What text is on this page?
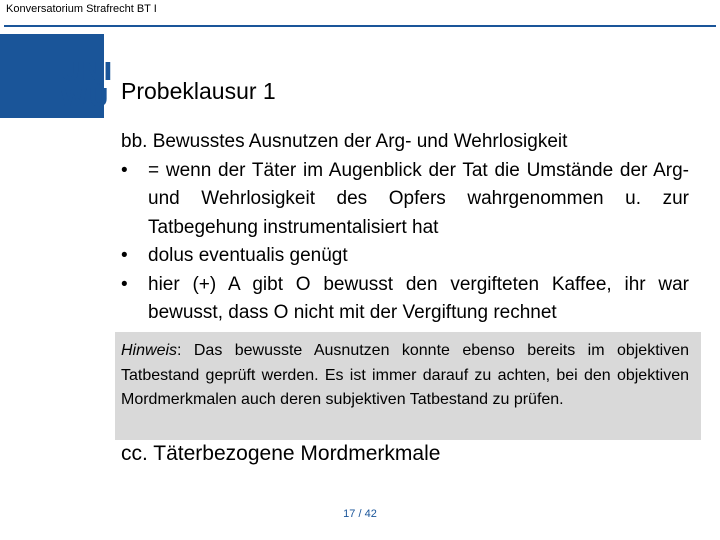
Konversatorium Strafrecht BT I
UNI
WÜ Probeklausur 1

bb. Bewusstes Ausnutzen der Arg- und Wehrlosigkeit

• = wenn der Täter im Augenblick der Tat die Umstände der Arg- und Wehrlosigkeit des Opfers wahrgenommen u. zur Tatbegehung instrumentalisiert hat
• dolus eventualis genügt
• hier (+) A gibt O bewusst den vergifteten Kaffee, ihr war bewusst, dass O nicht mit der Vergiftung rechnet
Hinweis: Das bewusste Ausnutzen konnte ebenso bereits im objektiven Tatbestand geprüft werden. Es ist immer darauf zu achten, bei den objektiven Mordmerkmalen auch deren subjektiven Tatbestand zu prüfen.
cc. Täterbezogene Mordmerkmale
17 / 42
